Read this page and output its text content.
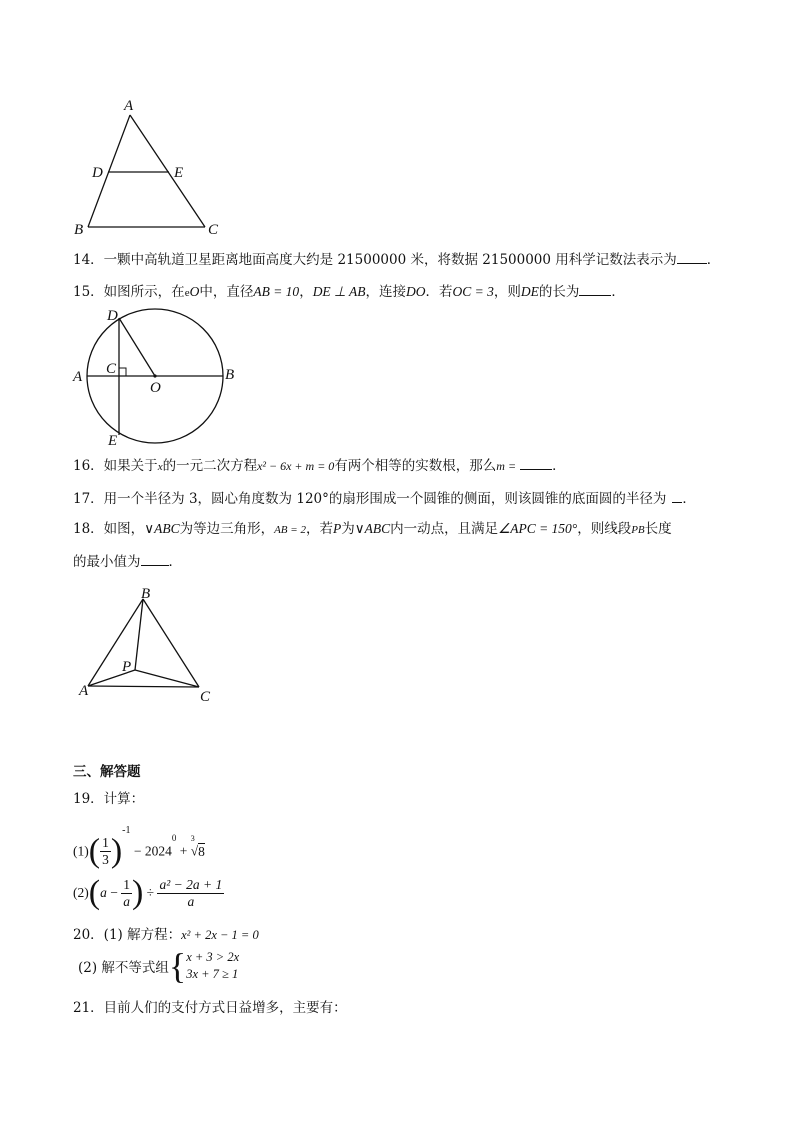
A
D	E
B	C
14．一颗中高轨道卫星距离地面高度大约是 21500000 米，将数据 21500000 用科学记数法表示为 ．
15．如图所示，在eO中，直径AB = 10，DE ⊥ AB，连接DO．若OC = 3，则DE的长为 ．
D
A C
O
B
E
16．如果关于x的一元二次方程x² − 6x + m = 0有两个相等的实数根，那么m =	．
17．用一个半径为 3，圆心角度数为 120°的扇形围成一个圆锥的侧面，则该圆锥的底面圆的半径为 ．
18．如图，∨ABC为等边三角形，AB = 2，若P为∨ABC内一动点，且满足∠APC = 150°，则线段PB长度
的最小值为 ．
B
P
A	C
三、解答题
19．计算：
$(1)( \frac{1}{3} )^{-1} - 2024^0 + ^3√8$
$(2)(a - \frac{1}{a}$ ) ÷ $\frac{\text{a² − 2a + 1}}{a}$
20．(1) 解方程：x² + 2x − 1 = 0
(2) 解不等式组{ x + 3 > 2x
3x + 7 ≥ 1
21．目前人们的支付方式日益增多，主要有：
